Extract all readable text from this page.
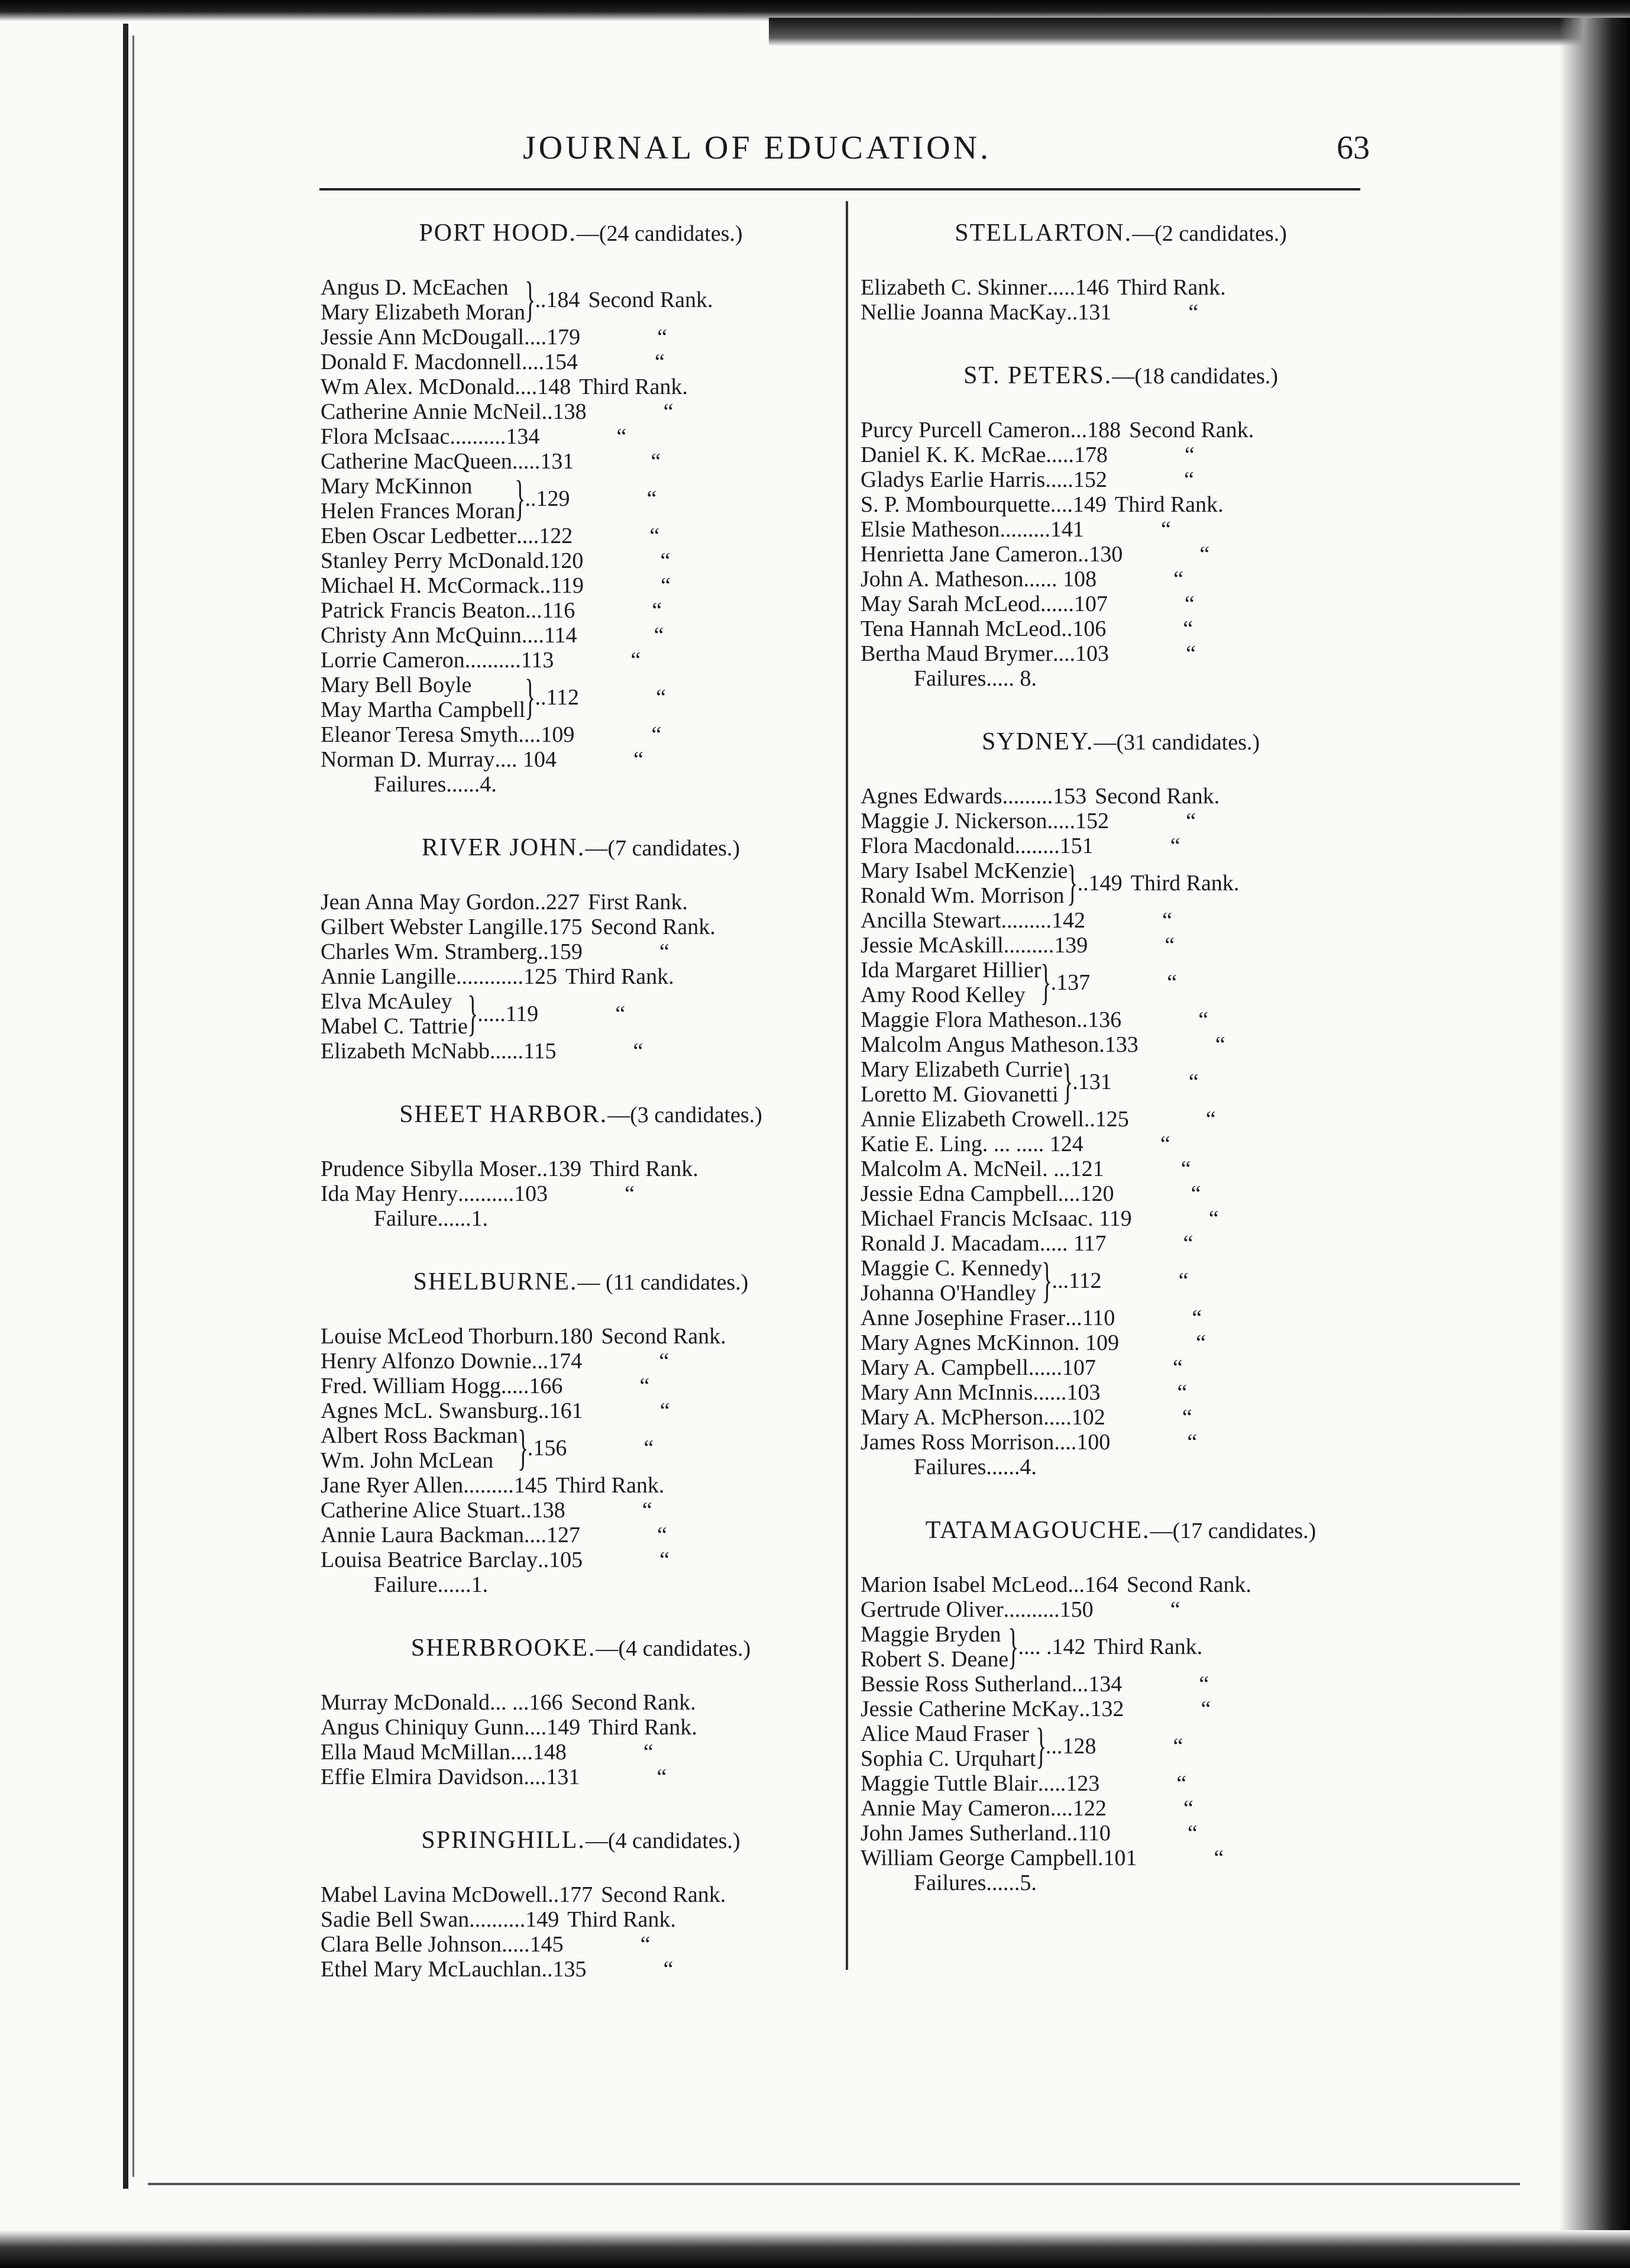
JOURNAL OF EDUCATION.	63
PORT HOOD.—(24 candidates.)
Angus D. McEachen
Mary Elizabeth Moran } ..184 Second Rank.
Jessie Ann McDougall ....179	“
Donald F. Macdonnell ....154	“
Wm Alex. McDonald ....148 Third Rank.
Catherine Annie McNeil ..138	“
Flora McIsaac ..........134	“
Catherine MacQueen .....131	“
Mary McKinnon
Helen Frances Moran } ..129	“
Eben Oscar Ledbetter ....122	“
Stanley Perry McDonald .120	“
Michael H. McCormack ..119	“
Patrick Francis Beaton ...116	“
Christy Ann McQuinn ....114	“
Lorrie Cameron ..........113	“
Mary Bell Boyle
May Martha Campbell } ..112	“
Eleanor Teresa Smyth ....109	“
Norman D. Murray .... 104	“
Failures......4.
RIVER JOHN.—(7 candidates.)
Jean Anna May Gordon ..227 First Rank.
Gilbert Webster Langille .175 Second Rank.
Charles Wm. Stramberg ..159	“
Annie Langille ............125 Third Rank.
Elva McAuley
Mabel C. Tattrie } .....119	“
Elizabeth McNabb ......115	“
SHEET HARBOR.—(3 candidates.)
Prudence Sibylla Moser ..139 Third Rank.
Ida May Henry ..........103	“
Failure......1.
SHELBURNE.— (11 candidates.)
Louise McLeod Thorburn .180 Second Rank.
Henry Alfonzo Downie ...174	“
Fred. William Hogg .....166	“
Agnes McL. Swansburg ..161	“
Albert Ross Backman
Wm. John McLean } .156	“
Jane Ryer Allen .........145 Third Rank.
Catherine Alice Stuart ..138	“
Annie Laura Backman ....127	“
Louisa Beatrice Barclay ..105	“
Failure......1.
SHERBROOKE.—(4 candidates.)
Murray McDonald ... ...166 Second Rank.
Angus Chiniquy Gunn ....149 Third Rank.
Ella Maud McMillan ....148	“
Effie Elmira Davidson ....131	“
SPRINGHILL.—(4 candidates.)
Mabel Lavina McDowell ..177 Second Rank.
Sadie Bell Swan ..........149 Third Rank.
Clara Belle Johnson .....145	“
Ethel Mary McLauchlan ..135	“
STELLARTON.—(2 candidates.)
Elizabeth C. Skinner .....146 Third Rank.
Nellie Joanna MacKay ..131	“
ST. PETERS.—(18 candidates.)
Purcy Purcell Cameron ...188 Second Rank.
Daniel K. K. McRae .....178	“
Gladys Earlie Harris .....152	“
S. P. Mombourquette ....149 Third Rank.
Elsie Matheson .........141	“
Henrietta Jane Cameron ..130	“
John A. Matheson ...... 108	“
May Sarah McLeod ......107	“
Tena Hannah McLeod ..106	“
Bertha Maud Brymer ....103	“
Failures..... 8.
SYDNEY.—(31 candidates.)
Agnes Edwards .........153 Second Rank.
Maggie J. Nickerson .....152	“
Flora Macdonald ........151	“
Mary Isabel McKenzie
Ronald Wm. Morrison } ..149 Third Rank.
Ancilla Stewart .........142	“
Jessie McAskill .........139	“
Ida Margaret Hillier
Amy Rood Kelley } .137	“
Maggie Flora Matheson ..136	“
Malcolm Angus Matheson .133	“
Mary Elizabeth Currie
Loretto M. Giovanetti } .131	“
Annie Elizabeth Crowell ..125	“
Katie E. Ling . ... ..... 124	“
Malcolm A. McNeil . ...121	“
Jessie Edna Campbell ....120	“
Michael Francis McIsaac . 119	“
Ronald J. Macadam ..... 117	“
Maggie C. Kennedy
Johanna O'Handley } ...112	“
Anne Josephine Fraser ...110	“
Mary Agnes McKinnon . 109	“
Mary A. Campbell. .....107	“
Mary Ann McInnis ......103	“
Mary A. McPherson .....102	“
James Ross Morrison ....100	“
Failures......4.
TATAMAGOUCHE.—(17 candidates.)
Marion Isabel McLeod ...164 Second Rank.
Gertrude Oliver ..........150	“
Maggie Bryden
Robert S. Deane } .... .142 Third Rank.
Bessie Ross Sutherland ...134	“
Jessie Catherine McKay ..132	“
Alice Maud Fraser
Sophia C. Urquhart } ...128	“
Maggie Tuttle Blair .....123	“
Annie May Cameron ....122	“
John James Sutherland ..110	“
William George Campbell .101	“
Failures......5.
